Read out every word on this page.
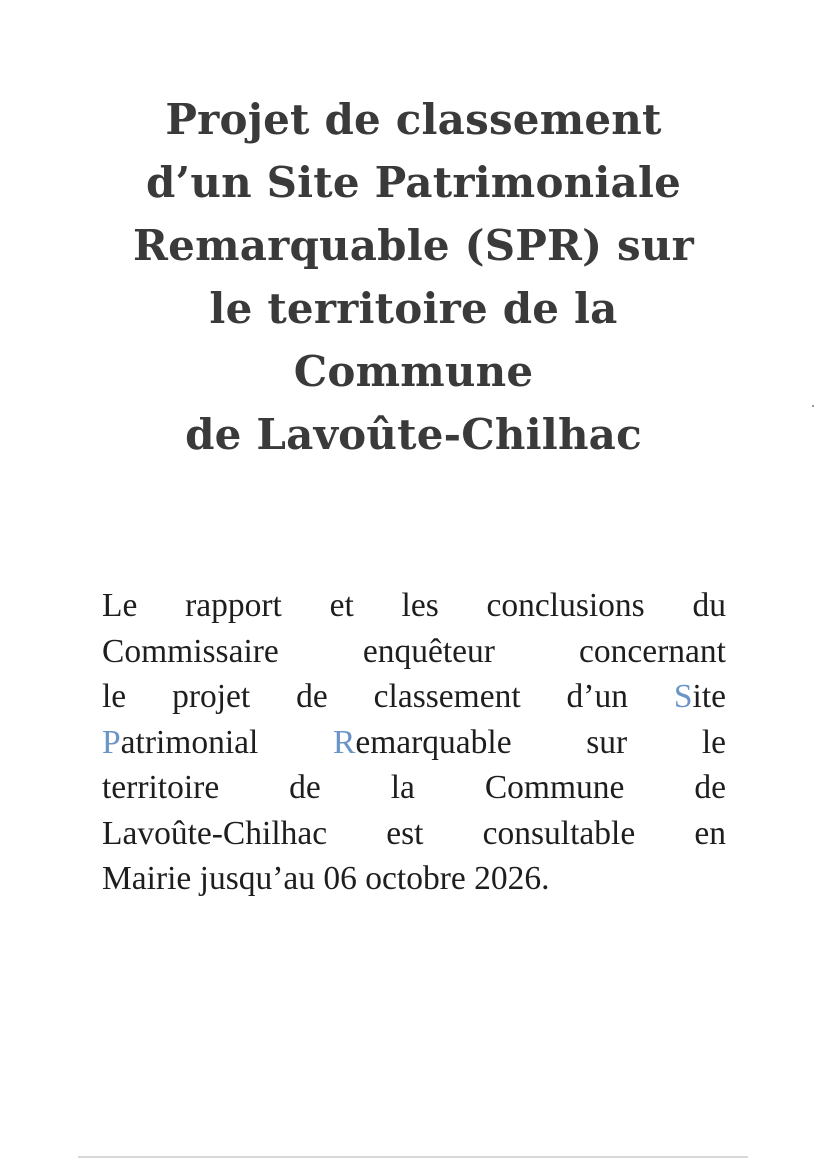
Projet de classement
d’un Site Patrimoniale
Remarquable (SPR) sur
le territoire de la
Commune
de Lavoûte-Chilhac
Le rapport et les conclusions du
Commissaire enquêteur concernant
le projet de classement d’un Site
Patrimonial Remarquable sur le
territoire de la Commune de
Lavoûte-Chilhac est consultable en
Mairie jusqu’au 06 octobre 2026.
